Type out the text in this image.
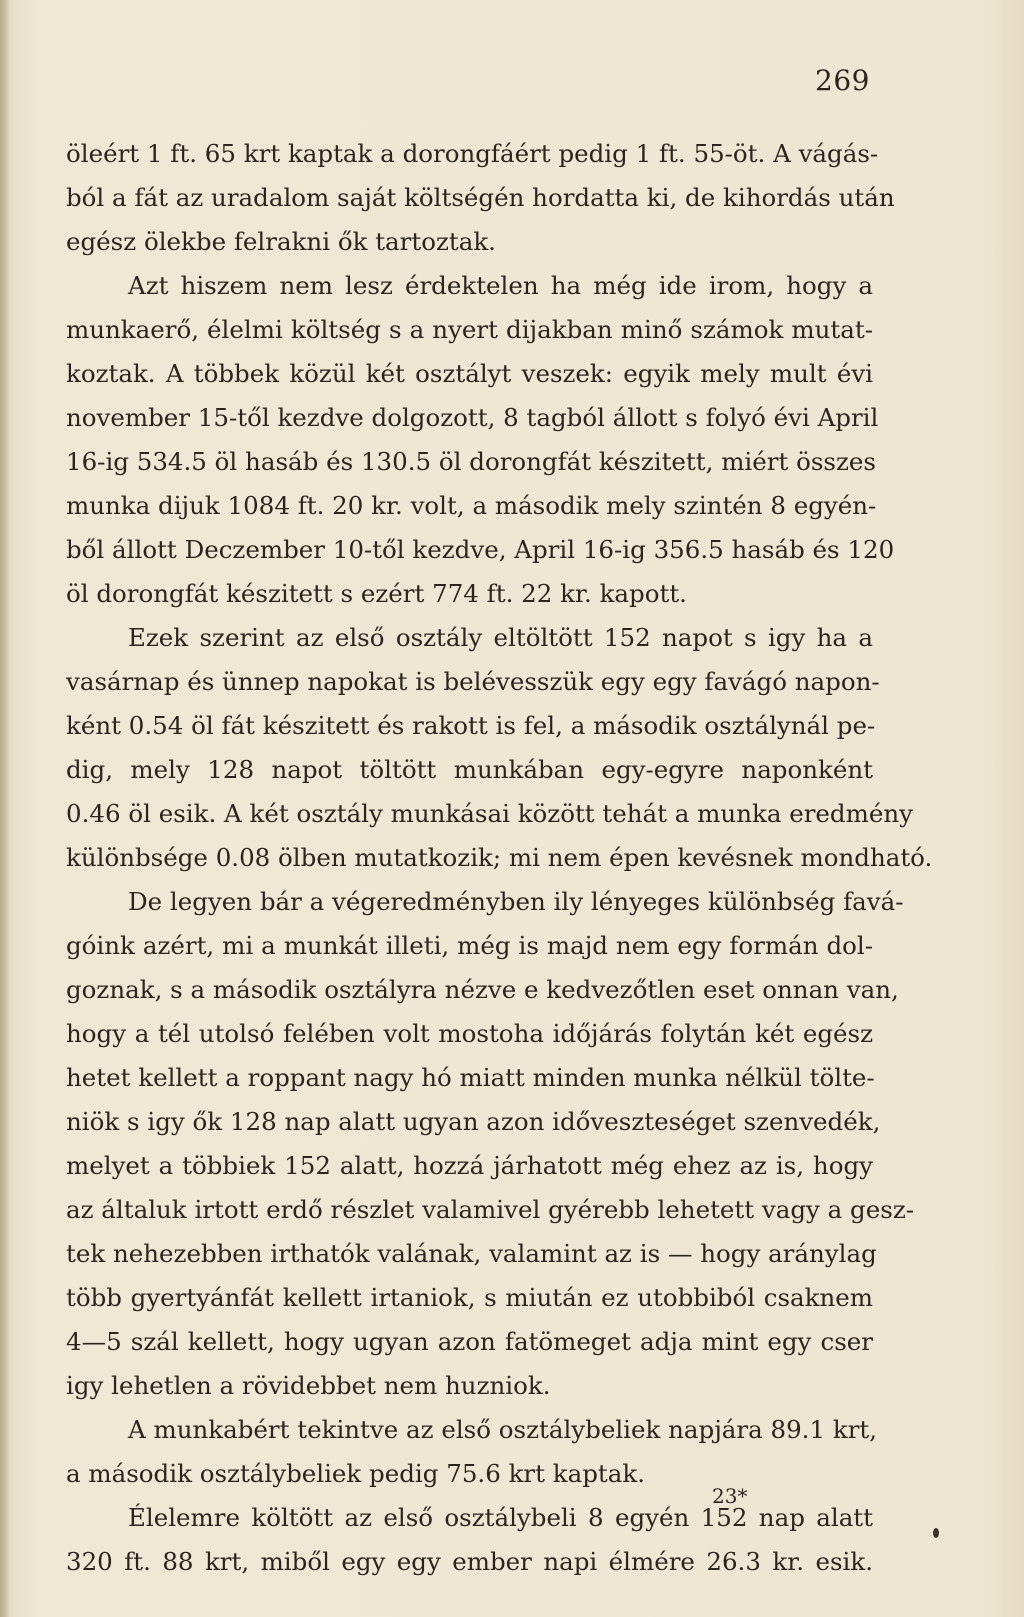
269
öleért 1 ft. 65 krt kaptak a dorongfáért pedig 1 ft. 55-öt. A vágás-
ból a fát az uradalom saját költségén hordatta ki, de kihordás után
egész ölekbe felrakni ők tartoztak.
Azt hiszem nem lesz érdektelen ha még ide irom, hogy a
munkaerő, élelmi költség s a nyert dijakban minő számok mutat-
koztak. A többek közül két osztályt veszek: egyik mely mult évi
november 15-től kezdve dolgozott, 8 tagból állott s folyó évi April
16-ig 534.5 öl hasáb és 130.5 öl dorongfát készitett, miért összes
munka dijuk 1084 ft. 20 kr. volt, a második mely szintén 8 egyén-
ből állott Deczember 10-től kezdve, April 16-ig 356.5 hasáb és 120
öl dorongfát készitett s ezért 774 ft. 22 kr. kapott.
Ezek szerint az első osztály eltöltött 152 napot s igy ha a
vasárnap és ünnep napokat is belévesszük egy egy favágó napon-
ként 0.54 öl fát készitett és rakott is fel, a második osztálynál pe-
dig, mely 128 napot töltött munkában egy-egyre naponként
0.46 öl esik. A két osztály munkásai között tehát a munka eredmény
különbsége 0.08 ölben mutatkozik; mi nem épen kevésnek mondható.
De legyen bár a végeredményben ily lényeges különbség favá-
góink azért, mi a munkát illeti, még is majd nem egy formán dol-
goznak, s a második osztályra nézve e kedvezőtlen eset onnan van,
hogy a tél utolsó felében volt mostoha időjárás folytán két egész
hetet kellett a roppant nagy hó miatt minden munka nélkül tölte-
niök s igy ők 128 nap alatt ugyan azon időveszteséget szenvedék,
melyet a többiek 152 alatt, hozzá járhatott még ehez az is, hogy
az általuk irtott erdő részlet valamivel gyérebb lehetett vagy a gesz-
tek nehezebben irthatók valának, valamint az is — hogy aránylag
több gyertyánfát kellett irtaniok, s miután ez utobbiból csaknem
4—5 szál kellett, hogy ugyan azon fatömeget adja mint egy cser
igy lehetlen a rövidebbet nem huzniok.
A munkabért tekintve az első osztálybeliek napjára 89.1 krt,
a második osztálybeliek pedig 75.6 krt kaptak.
Élelemre költött az első osztálybeli 8 egyén 152 nap alatt
320 ft. 88 krt, miből egy egy ember napi élmére 26.3 kr. esik.
23*
